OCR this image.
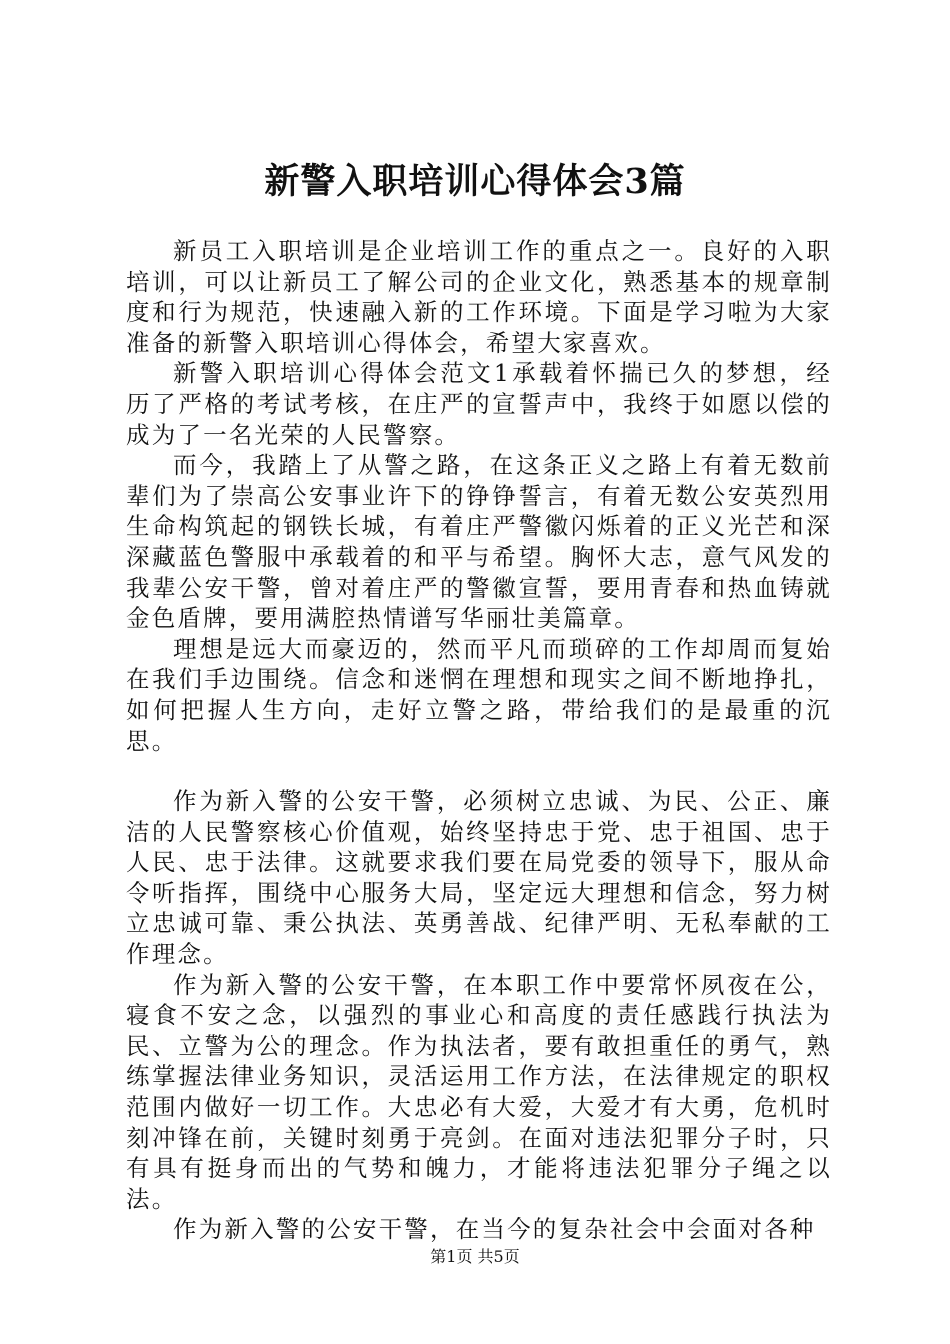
新警入职培训心得体会3篇

新员工入职培训是企业培训工作的重点之一。良好的入职培训，可以让新员工了解公司的企业文化，熟悉基本的规章制度和行为规范，快速融入新的工作环境。下面是学习啦为大家准备的新警入职培训心得体会，希望大家喜欢。

新警入职培训心得体会范文1承载着怀揣已久的梦想，经历了严格的考试考核，在庄严的宣誓声中，我终于如愿以偿的成为了一名光荣的人民警察。

而今，我踏上了从警之路，在这条正义之路上有着无数前辈们为了崇高公安事业许下的铮铮誓言，有着无数公安英烈用生命构筑起的钢铁长城，有着庄严警徽闪烁着的正义光芒和深深藏蓝色警服中承载着的和平与希望。胸怀大志，意气风发的我辈公安干警，曾对着庄严的警徽宣誓，要用青春和热血铸就金色盾牌，要用满腔热情谱写华丽壮美篇章。

理想是远大而豪迈的，然而平凡而琐碎的工作却周而复始在我们手边围绕。信念和迷惘在理想和现实之间不断地挣扎，如何把握人生方向，走好立警之路，带给我们的是最重的沉思。

作为新入警的公安干警，必须树立忠诚、为民、公正、廉洁的人民警察核心价值观，始终坚持忠于党、忠于祖国、忠于人民、忠于法律。这就要求我们要在局党委的领导下，服从命令听指挥，围绕中心服务大局，坚定远大理想和信念，努力树立忠诚可靠、秉公执法、英勇善战、纪律严明、无私奉献的工作理念。

作为新入警的公安干警，在本职工作中要常怀夙夜在公，寝食不安之念，以强烈的事业心和高度的责任感践行执法为民、立警为公的理念。作为执法者，要有敢担重任的勇气，熟练掌握法律业务知识，灵活运用工作方法，在法律规定的职权范围内做好一切工作。大忠必有大爱，大爱才有大勇，危机时刻冲锋在前，关键时刻勇于亮剑。在面对违法犯罪分子时，只有具有挺身而出的气势和魄力，才能将违法犯罪分子绳之以法。

作为新入警的公安干警，在当今的复杂社会中会面对各种

第1页 共5页
